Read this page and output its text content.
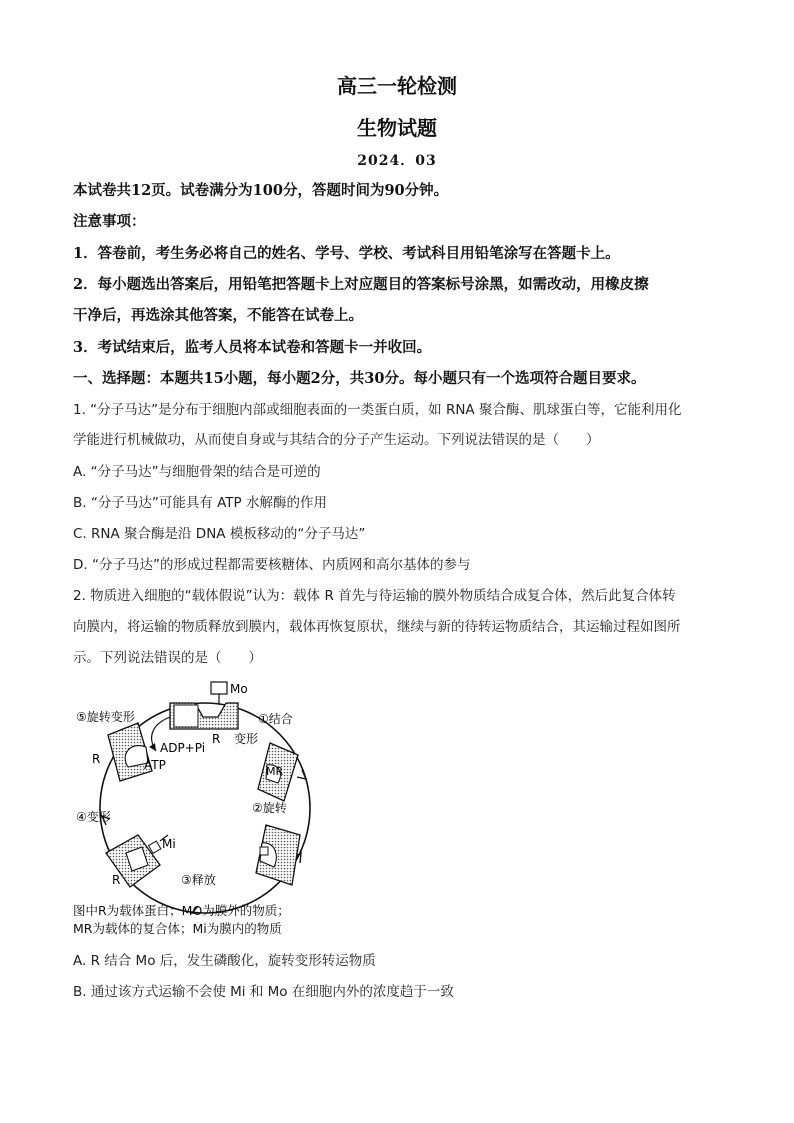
高三一轮检测
生物试题
2024．03
本试卷共12页。试卷满分为100分，答题时间为90分钟。
注意事项：
1．答卷前，考生务必将自己的姓名、学号、学校、考试科目用铅笔涂写在答题卡上。
2．每小题选出答案后，用铅笔把答题卡上对应题目的答案标号涂黑，如需改动，用橡皮擦
干净后，再选涂其他答案，不能答在试卷上。
3．考试结束后，监考人员将本试卷和答题卡一并收回。
一、选择题：本题共15小题，每小题2分，共30分。每小题只有一个选项符合题目要求。
1. “分子马达”是分布于细胞内部或细胞表面的一类蛋白质，如 RNA 聚合酶、肌球蛋白等，它能利用化
学能进行机械做功，从而使自身或与其结合的分子产生运动。下列说法错误的是（　　）
A. “分子马达”与细胞骨架的结合是可逆的
B. “分子马达”可能具有 ATP 水解酶的作用
C. RNA 聚合酶是沿 DNA 模板移动的“分子马达”
D. “分子马达”的形成过程都需要核糖体、内质网和高尔基体的参与
2. 物质进入细胞的“载体假说”认为：载体 R 首先与待运输的膜外物质结合成复合体，然后此复合体转
向膜内，将运输的物质释放到膜内，载体再恢复原状，继续与新的待转运物质结合，其运输过程如图所
示。下列说法错误的是（　　）
Mo
R
①结合
变形
MR
②旋转
③释放
Mi
R
④变形
⑤旋转变形
R
ADP+Pi
ATP
图中R为载体蛋白；MO为膜外的物质；
MR为载体的复合体；Mi为膜内的物质
A. R 结合 Mo 后，发生磷酸化，旋转变形转运物质
B. 通过该方式运输不会使 Mi 和 Mo 在细胞内外的浓度趋于一致
